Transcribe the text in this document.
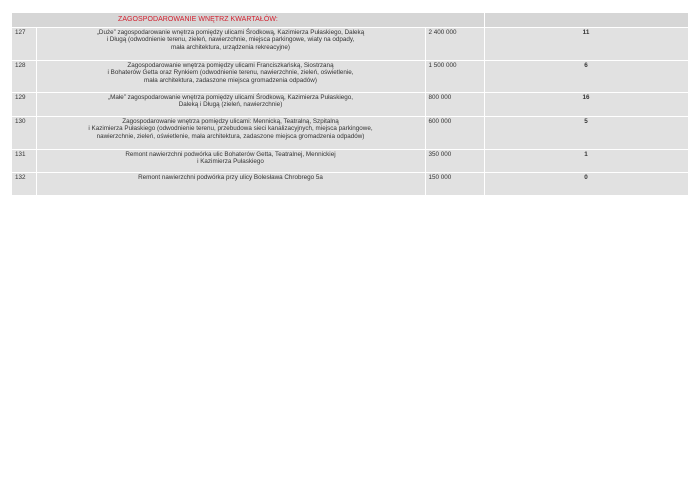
ZAGOSPODAROWANIE WNĘTRZ KWARTAŁÓW:			
127	„Duże” zagospodarowanie wnętrza pomiędzy ulicami Środkową, Kazimierza Pułaskiego, Daleką
i Długą (odwodnienie terenu, zieleń, nawierzchnie, miejsca parkingowe, wiaty na odpady,
mała architektura, urządzenia rekreacyjne)	2 400 000	11
128	Zagospodarowanie wnętrza pomiędzy ulicami Franciszkańską, Siostrzaną
i Bohaterów Getta oraz Rynkiem (odwodnienie terenu, nawierzchnie, zieleń, oświetlenie,
mała architektura, zadaszone miejsca gromadzenia odpadów)	1 500 000	6
129	„Małe” zagospodarowanie wnętrza pomiędzy ulicami Środkową, Kazimierza Pułaskiego,
Daleką i Długą (zieleń, nawierzchnie)	800 000	16
130	Zagospodarowanie wnętrza pomiędzy ulicami: Mennicką, Teatralną, Szpitalną
i Kazimierza Pułaskiego (odwodnienie terenu, przebudowa sieci kanalizacyjnych, miejsca parkingowe,
nawierzchnie, zieleń, oświetlenie, mała architektura, zadaszone miejsca gromadzenia odpadów)	600 000	5
131	Remont nawierzchni podwórka ulic Bohaterów Getta, Teatralnej, Mennickiej
i Kazimierza Pułaskiego	350 000	1
132	Remont nawierzchni podwórka przy ulicy Bolesława Chrobrego 5a	150 000	0
